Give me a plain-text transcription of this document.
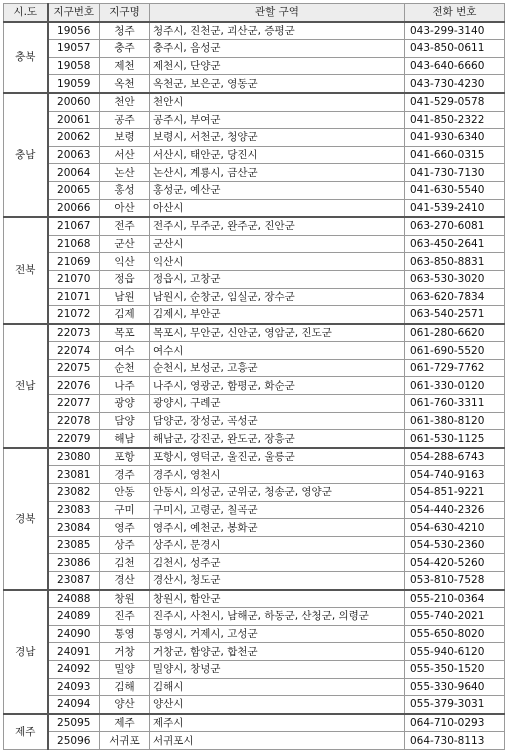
시.도	지구번호	지구명	관할 구역	전화 번호
충북	19056	청주	청주시, 진천군, 괴산군, 증평군	043-299-3140
	19057	충주	충주시, 음성군	043-850-0611
	19058	제천	제천시, 단양군	043-640-6660
	19059	옥천	옥천군, 보은군, 영동군	043-730-4230
충남	20060	천안	천안시	041-529-0578
	20061	공주	공주시, 부여군	041-850-2322
	20062	보령	보령시, 서천군, 청양군	041-930-6340
	20063	서산	서산시, 태안군, 당진시	041-660-0315
	20064	논산	논산시, 계룡시, 금산군	041-730-7130
	20065	홍성	홍성군, 예산군	041-630-5540
	20066	아산	아산시	041-539-2410
전북	21067	전주	전주시, 무주군, 완주군, 진안군	063-270-6081
	21068	군산	군산시	063-450-2641
	21069	익산	익산시	063-850-8831
	21070	정읍	정읍시, 고창군	063-530-3020
	21071	남원	남원시, 순창군, 임실군, 장수군	063-620-7834
	21072	김제	김제시, 부안군	063-540-2571
전남	22073	목포	목포시, 무안군, 신안군, 영암군, 진도군	061-280-6620
	22074	여수	여수시	061-690-5520
	22075	순천	순천시, 보성군, 고흥군	061-729-7762
	22076	나주	나주시, 영광군, 함평군, 화순군	061-330-0120
	22077	광양	광양시, 구례군	061-760-3311
	22078	담양	담양군, 장성군, 곡성군	061-380-8120
	22079	해남	해남군, 강진군, 완도군, 장흥군	061-530-1125
경북	23080	포항	포항시, 영덕군, 울진군, 울릉군	054-288-6743
	23081	경주	경주시, 영천시	054-740-9163
	23082	안동	안동시, 의성군, 군위군, 청송군, 영양군	054-851-9221
	23083	구미	구미시, 고령군, 칠곡군	054-440-2326
	23084	영주	영주시, 예천군, 봉화군	054-630-4210
	23085	상주	상주시, 문경시	054-530-2360
	23086	김천	김천시, 성주군	054-420-5260
	23087	경산	경산시, 청도군	053-810-7528
경남	24088	창원	창원시, 함안군	055-210-0364
	24089	진주	진주시, 사천시, 남해군, 하동군, 산청군, 의령군	055-740-2021
	24090	통영	통영시, 거제시, 고성군	055-650-8020
	24091	거창	거창군, 함양군, 합천군	055-940-6120
	24092	밀양	밀양시, 창녕군	055-350-1520
	24093	김해	김해시	055-330-9640
	24094	양산	양산시	055-379-3031
제주	25095	제주	제주시	064-710-0293
	25096	서귀포	서귀포시	064-730-8113
